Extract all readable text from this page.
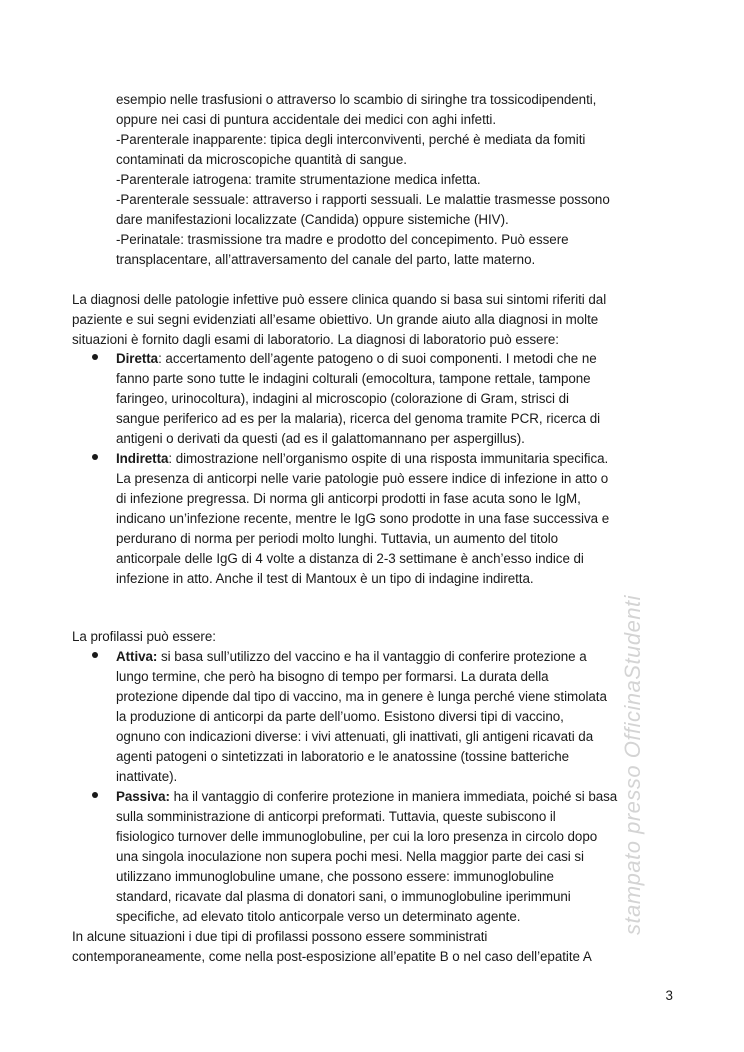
esempio nelle trasfusioni o attraverso lo scambio di siringhe tra tossicodipendenti,
oppure nei casi di puntura accidentale dei medici con aghi infetti.
-Parenterale inapparente: tipica degli interconviventi, perché è mediata da fomiti
contaminati da microscopiche quantità di sangue.
-Parenterale iatrogena: tramite strumentazione medica infetta.
-Parenterale sessuale: attraverso i rapporti sessuali. Le malattie trasmesse possono
dare manifestazioni localizzate (Candida) oppure sistemiche (HIV).
-Perinatale: trasmissione tra madre e prodotto del concepimento. Può essere
transplacentare, all’attraversamento del canale del parto, latte materno.
La diagnosi delle patologie infettive può essere clinica quando si basa sui sintomi riferiti dal
paziente e sui segni evidenziati all’esame obiettivo. Un grande aiuto alla diagnosi in molte
situazioni è fornito dagli esami di laboratorio. La diagnosi di laboratorio può essere:
Diretta: accertamento dell’agente patogeno o di suoi componenti. I metodi che ne
fanno parte sono tutte le indagini colturali (emocoltura, tampone rettale, tampone
faringeo, urinocoltura), indagini al microscopio (colorazione di Gram, strisci di
sangue periferico ad es per la malaria), ricerca del genoma tramite PCR, ricerca di
antigeni o derivati da questi (ad es il galattomannano per aspergillus).
Indiretta: dimostrazione nell’organismo ospite di una risposta immunitaria specifica.
La presenza di anticorpi nelle varie patologie può essere indice di infezione in atto o
di infezione pregressa. Di norma gli anticorpi prodotti in fase acuta sono le IgM,
indicano un’infezione recente, mentre le IgG sono prodotte in una fase successiva e
perdurano di norma per periodi molto lunghi. Tuttavia, un aumento del titolo
anticorpale delle IgG di 4 volte a distanza di 2-3 settimane è anch’esso indice di
infezione in atto. Anche il test di Mantoux è un tipo di indagine indiretta.
La profilassi può essere:
Attiva: si basa sull’utilizzo del vaccino e ha il vantaggio di conferire protezione a
lungo termine, che però ha bisogno di tempo per formarsi. La durata della
protezione dipende dal tipo di vaccino, ma in genere è lunga perché viene stimolata
la produzione di anticorpi da parte dell’uomo. Esistono diversi tipi di vaccino,
ognuno con indicazioni diverse: i vivi attenuati, gli inattivati, gli antigeni ricavati da
agenti patogeni o sintetizzati in laboratorio e le anatossine (tossine batteriche
inattivate).
Passiva: ha il vantaggio di conferire protezione in maniera immediata, poiché si basa
sulla somministrazione di anticorpi preformati. Tuttavia, queste subiscono il
fisiologico turnover delle immunoglobuline, per cui la loro presenza in circolo dopo
una singola inoculazione non supera pochi mesi. Nella maggior parte dei casi si
utilizzano immunoglobuline umane, che possono essere: immunoglobuline
standard, ricavate dal plasma di donatori sani, o immunoglobuline iperimmuni
specifiche, ad elevato titolo anticorpale verso un determinato agente.
In alcune situazioni i due tipi di profilassi possono essere somministrati
contemporaneamente, come nella post-esposizione all’epatite B o nel caso dell’epatite A
stampato presso OfficinaStudenti
3
